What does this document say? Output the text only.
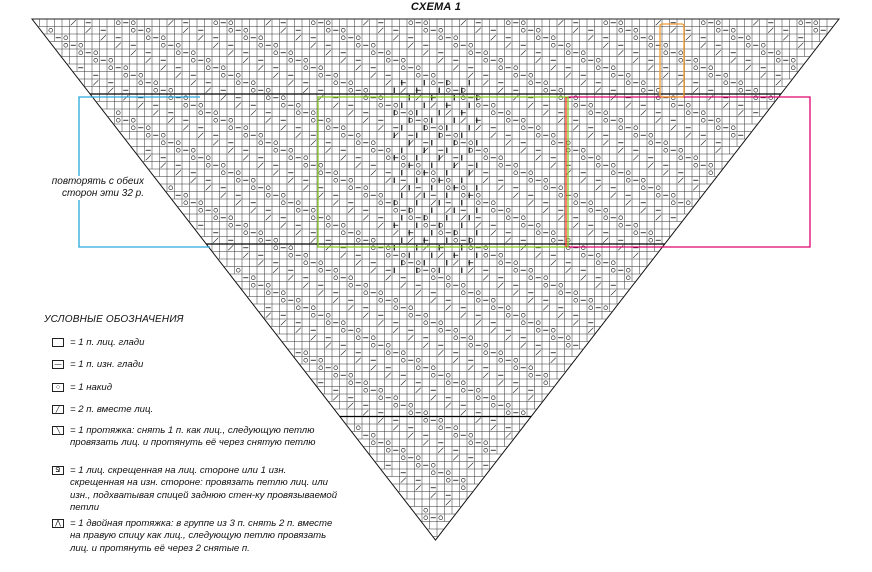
СХЕМА 1
повторять с обеих сторон эти 32 р.
УСЛОВНЫЕ ОБОЗНАЧЕНИЯ
= 1 п. лиц. глади
— = 1 п. изн. глади
○	= 1 накид
╱	= 2 п. вместе лиц.
╲	= 1 протяжка: снять 1 п. как лиц., следующую петлю провязать лиц. и протянуть её через снятую петлю
Ջ = 1 лиц. скрещенная на лиц. стороне или 1 изн. скрещенная на изн. стороне: провязать петлю лиц. или изн., подхватывая спицей заднюю стен-ку провязываемой петли
⋀ = 1 двойная протяжка: в группе из 3 п. снять 2 п. вместе на правую спицу как лиц., следующую петлю провязать лиц. и протянуть её через 2 снятые п.
